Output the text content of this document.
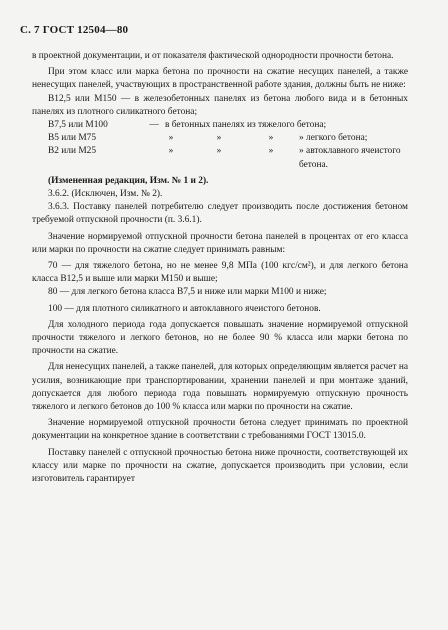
С. 7 ГОСТ 12504—80

в проектной документации, и от показателя фактической однородности прочности бетона.

При этом класс или марка бетона по прочности на сжатие несущих панелей, а также ненесущих панелей, участвующих в пространственной работе здания, должны быть не ниже:

B12,5 или M150 — в железобетонных панелях из бетона любого вида и в бетонных панелях из плотного силикатного бетона;

B7,5 или M100	— в бетонных панелях из тяжелого бетона;
B5 или M75	»	»	»	» легкого бетона;
B2 или M25	»	»	»	» автоклавного ячеистого бетона.

(Измененная редакция, Изм. № 1 и 2).

3.6.2. (Исключен, Изм. № 2).

3.6.3. Поставку панелей потребителю следует производить после достижения бетоном требуемой отпускной прочности (п. 3.6.1).

Значение нормируемой отпускной прочности бетона панелей в процентах от его класса или марки по прочности на сжатие следует принимать равным:

70 — для тяжелого бетона, но не менее 9,8 МПа (100 кгс/см²), и для легкого бетона класса B12,5 и выше или марки M150 и выше;

80 — для легкого бетона класса B7,5 и ниже или марки M100 и ниже;

100 — для плотного силикатного и автоклавного ячеистого бетонов.

Для холодного периода года допускается повышать значение нормируемой отпускной прочности тяжелого и легкого бетонов, но не более 90 % класса или марки бетона по прочности на сжатие.

Для ненесущих панелей, а также панелей, для которых определяющим является расчет на усилия, возникающие при транспортировании, хранении панелей и при монтаже зданий, допускается для любого периода года повышать нормируемую отпускную прочность тяжелого и легкого бетонов до 100 % класса или марки по прочности на сжатие.

Значение нормируемой отпускной прочности бетона следует принимать по проектной документации на конкретное здание в соответствии с требованиями ГОСТ 13015.0.

Поставку панелей с отпускной прочностью бетона ниже прочности, соответствующей их классу или марке по прочности на сжатие, допускается производить при условии, если изготовитель гарантирует
